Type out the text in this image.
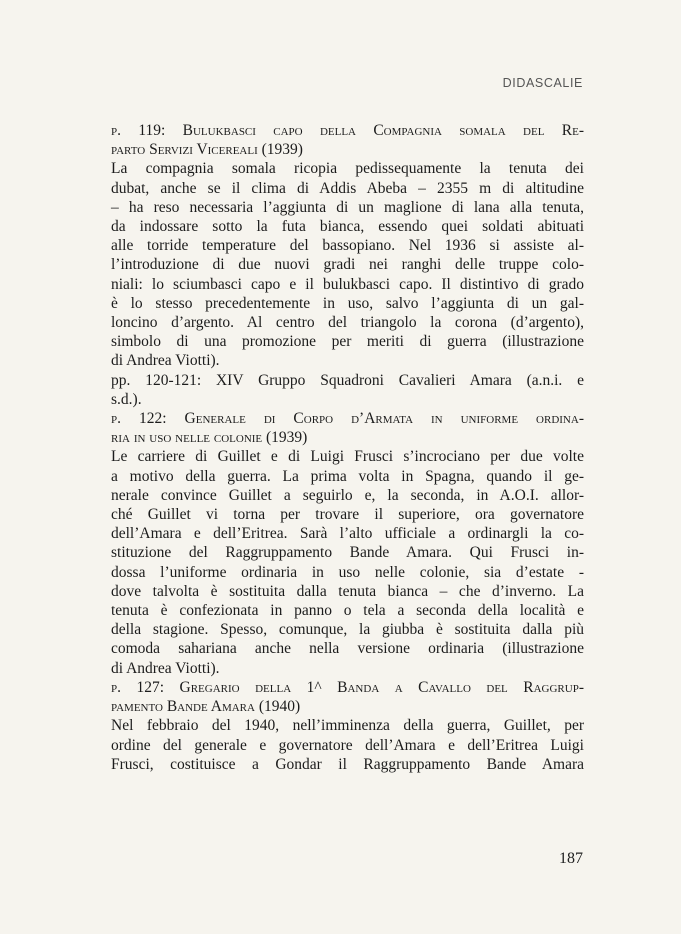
DIDASCALIE
p. 119: Bulukbasci capo della Compagnia somala del Re-
parto Servizi Vicereali (1939)
La compagnia somala ricopia pedissequamente la tenuta dei
dubat, anche se il clima di Addis Abeba – 2355 m di altitudine
– ha reso necessaria l’aggiunta di un maglione di lana alla tenuta,
da indossare sotto la futa bianca, essendo quei soldati abituati
alle torride temperature del bassopiano. Nel 1936 si assiste al-
l’introduzione di due nuovi gradi nei ranghi delle truppe colo-
niali: lo sciumbasci capo e il bulukbasci capo. Il distintivo di grado
è lo stesso precedentemente in uso, salvo l’aggiunta di un gal-
loncino d’argento. Al centro del triangolo la corona (d’argento),
simbolo di una promozione per meriti di guerra (illustrazione
di Andrea Viotti).
pp. 120-121: XIV Gruppo Squadroni Cavalieri Amara (a.n.i. e
s.d.).
p. 122: Generale di Corpo d’Armata in uniforme ordina-
ria in uso nelle colonie (1939)
Le carriere di Guillet e di Luigi Frusci s’incrociano per due volte
a motivo della guerra. La prima volta in Spagna, quando il ge-
nerale convince Guillet a seguirlo e, la seconda, in A.O.I. allor-
ché Guillet vi torna per trovare il superiore, ora governatore
dell’Amara e dell’Eritrea. Sarà l’alto ufficiale a ordinargli la co-
stituzione del Raggruppamento Bande Amara. Qui Frusci in-
dossa l’uniforme ordinaria in uso nelle colonie, sia d’estate -
dove talvolta è sostituita dalla tenuta bianca – che d’inverno. La
tenuta è confezionata in panno o tela a seconda della località e
della stagione. Spesso, comunque, la giubba è sostituita dalla più
comoda sahariana anche nella versione ordinaria (illustrazione
di Andrea Viotti).
p. 127: Gregario della 1^ Banda a Cavallo del Raggrup-
pamento Bande Amara (1940)
Nel febbraio del 1940, nell’imminenza della guerra, Guillet, per
ordine del generale e governatore dell’Amara e dell’Eritrea Luigi
Frusci, costituisce a Gondar il Raggruppamento Bande Amara
187
